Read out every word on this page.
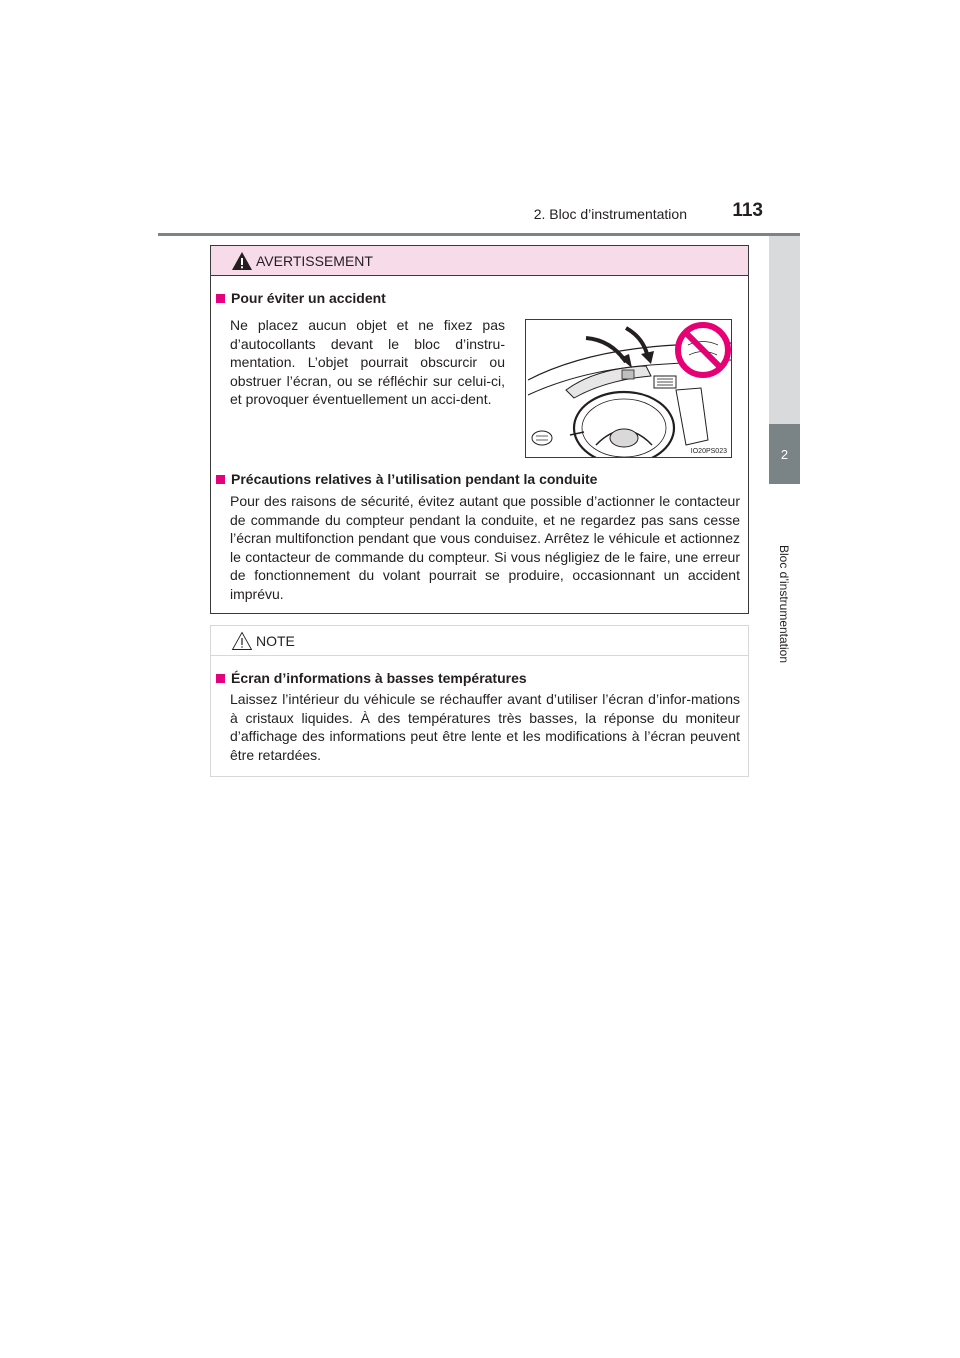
2. Bloc d’instrumentation	113
2
Bloc d’instrumentation
AVERTISSEMENT
Pour éviter un accident

Ne placez aucun objet et ne fixez pas d’autocollants devant le bloc d’instru-mentation. L’objet pourrait obscurcir ou obstruer l’écran, ou se réfléchir sur celui-ci, et provoquer éventuellement un acci-dent.

IO20PS023
Précautions relatives à l’utilisation pendant la conduite

Pour des raisons de sécurité, évitez autant que possible d’actionner le contacteur de commande du compteur pendant la conduite, et ne regardez pas sans cesse l’écran multifonction pendant que vous conduisez. Arrêtez le véhicule et actionnez le contacteur de commande du compteur. Si vous négligiez de le faire, une erreur de fonctionnement du volant pourrait se produire, occasionnant un accident imprévu.

NOTE
Écran d’informations à basses températures

Laissez l’intérieur du véhicule se réchauffer avant d’utiliser l’écran d’infor-mations à cristaux liquides. À des températures très basses, la réponse du moniteur d’affichage des informations peut être lente et les modifications à l’écran peuvent être retardées.
